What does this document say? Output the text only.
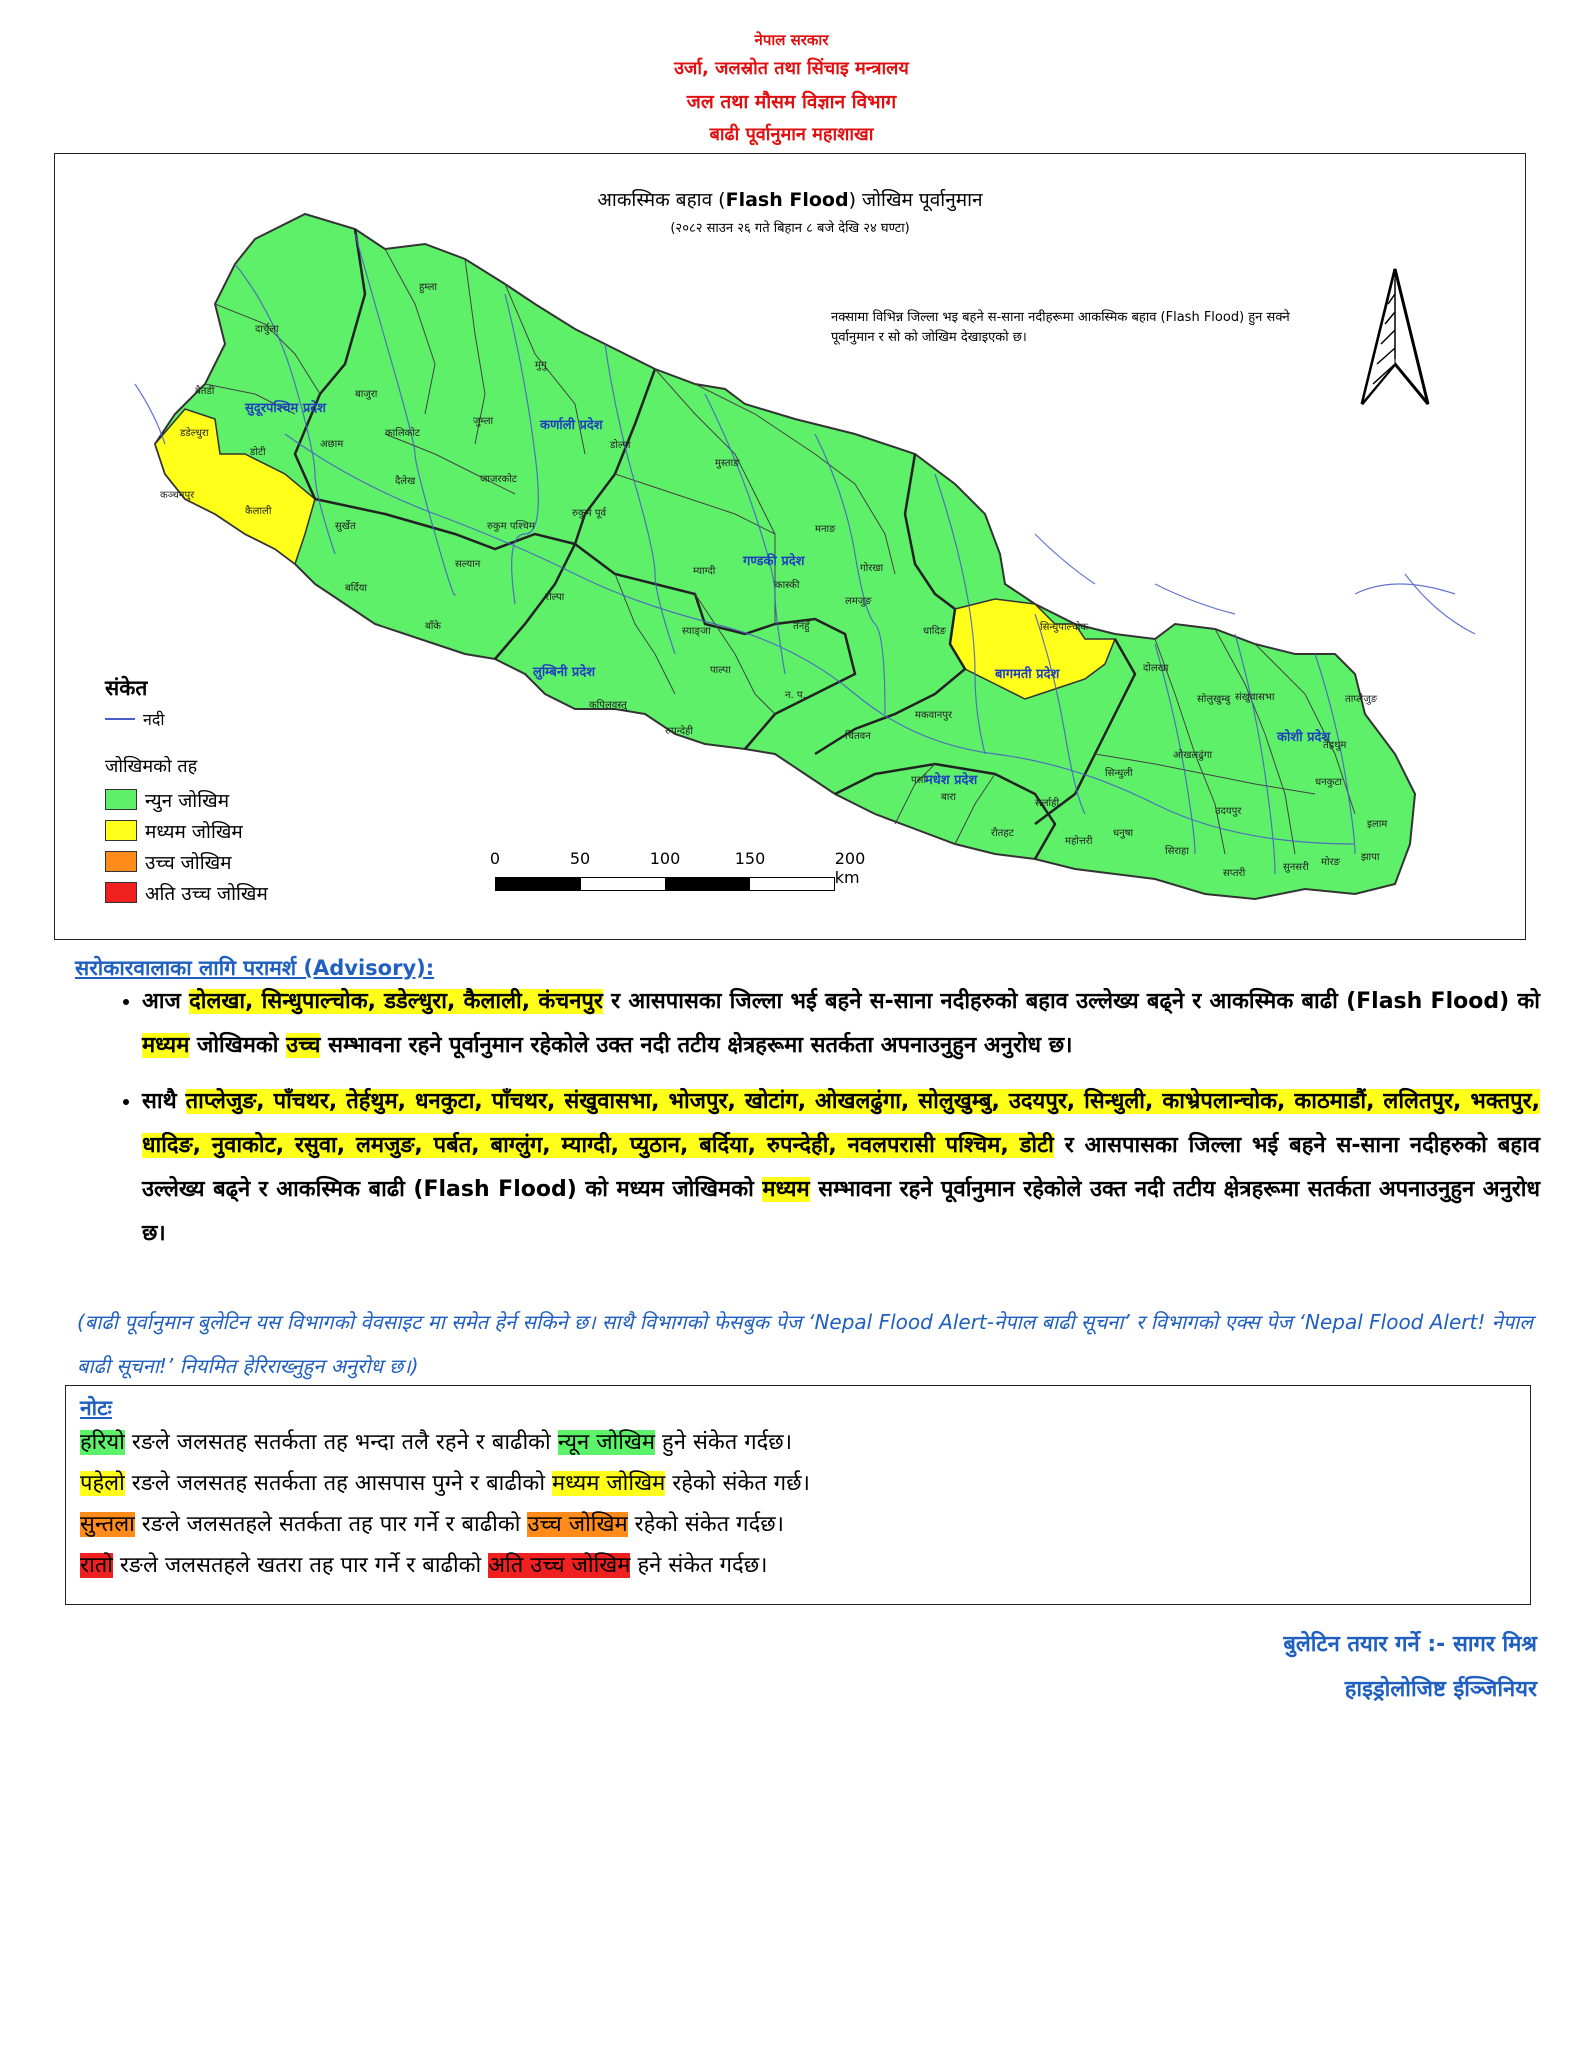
नेपाल सरकार
उर्जा, जलस्रोत तथा सिंचाइ मन्त्रालय
जल तथा मौसम विज्ञान विभाग
बाढी पूर्वानुमान महाशाखा
सुदूरपश्चिम प्रदेश
कर्णाली प्रदेश
गण्डकी प्रदेश
लुम्बिनी प्रदेश	बागमती प्रदेश
मधेश प्रदेश
कोशी प्रदेश
हुम्ला
दार्चुला
बैतडी
डडेल्धुरा
कञ्चनपुर
कैलाली
डोटी
अछाम
बाजुरा
मुगु
जुम्ला
डोल्पा
कालिकोट
दैलेख
सुर्खेत
बर्दिया
बाँके
जाजरकोट
सल्यान
रोल्पा
रुकुम पश्चिम
रुकुम पूर्व
मुस्ताङ
मनाङ
म्याग्दी
कास्की
गोरखा
लमजुङ
तनहुँ
स्याङ्जा
पाल्पा
कपिलवस्तु
रुपन्देही
न. प.
चितवन
धादिङ	सिन्धुपाल्चोक
दोलखा
मकवानपुर
सिन्धुली
पर्सा
बारा
रौतहट
सर्लाही
महोत्तरी
धनुषा
सिराहा
सप्तरी
उदयपुर
ओखलढुंगा
सोलुखुम्बु संखुवासभा	ताप्लेजुङ
तेह्रथुम
धनकुटा
इलाम
मोरङ
सुनसरी
झापा
आकस्मिक बहाव (Flash Flood) जोखिम पूर्वानुमान
(२०८२ साउन २६ गते बिहान ८ बजे देखि २४ घण्टा)
नक्सामा विभिन्न जिल्ला भइ बहने स-साना नदीहरूमा आकस्मिक बहाव (Flash Flood) हुन सक्ने पूर्वानुमान र सो को जोखिम देखाइएको छ।
संकेत
नदी
जोखिमको तह
न्युन जोखिम
मध्यम जोखिम
उच्च जोखिम
अति उच्च जोखिम
0	50	100	150	200 km
सरोकारवालाका लागि परामर्श (Advisory):
• आज दोलखा, सिन्धुपाल्चोक, डडेल्धुरा, कैलाली, कंचनपुर र आसपासका जिल्ला भई बहने स-साना नदीहरुको बहाव उल्लेख्य बढ्ने र आकस्मिक बाढी (Flash Flood) को मध्यम जोखिमको उच्च सम्भावना रहने पूर्वानुमान रहेकोले उक्त नदी तटीय क्षेत्रहरूमा सतर्कता अपनाउनुहुन अनुरोध छ।
• साथै ताप्लेजुङ, पाँचथर, तेर्हथुम, धनकुटा, पाँचथर, संखुवासभा, भोजपुर, खोटांग, ओखलढुंगा, सोलुखुम्बु, उदयपुर, सिन्धुली, काभ्रेपलान्चोक, काठमाडौं, ललितपुर, भक्तपुर, धादिङ, नुवाकोट, रसुवा, लमजुङ, पर्बत, बाग्लुंग, म्याग्दी, प्युठान, बर्दिया, रुपन्देही, नवलपरासी पश्चिम, डोटी र आसपासका जिल्ला भई बहने स-साना नदीहरुको बहाव उल्लेख्य बढ्ने र आकस्मिक बाढी (Flash Flood) को मध्यम जोखिमको मध्यम सम्भावना रहने पूर्वानुमान रहेकोले उक्त नदी तटीय क्षेत्रहरूमा सतर्कता अपनाउनुहुन अनुरोध छ।
(बाढी पूर्वानुमान बुलेटिन यस विभागको वेवसाइट मा समेत हेर्न सकिने छ। साथै विभागको फेसबुक पेज ‘Nepal Flood Alert-नेपाल बाढी सूचना’ र विभागको एक्स पेज ‘Nepal Flood Alert! नेपाल बाढी सूचना!’ नियमित हेरिराख्नुहुन अनुरोध छ।)
नोटः
हरियो रङले जलसतह सतर्कता तह भन्दा तलै रहने र बाढीको न्यून जोखिम हुने संकेत गर्दछ।
पहेलो रङले जलसतह सतर्कता तह आसपास पुग्ने र बाढीको मध्यम जोखिम रहेको संकेत गर्छ।
सुन्तला रङले जलसतहले सतर्कता तह पार गर्ने र बाढीको उच्च जोखिम रहेको संकेत गर्दछ।
रातो रङले जलसतहले खतरा तह पार गर्ने र बाढीको अति उच्च जोखिम हने संकेत गर्दछ।
बुलेटिन तयार गर्ने :- सागर मिश्र
हाइड्रोलोजिष्ट ईञ्जिनियर
